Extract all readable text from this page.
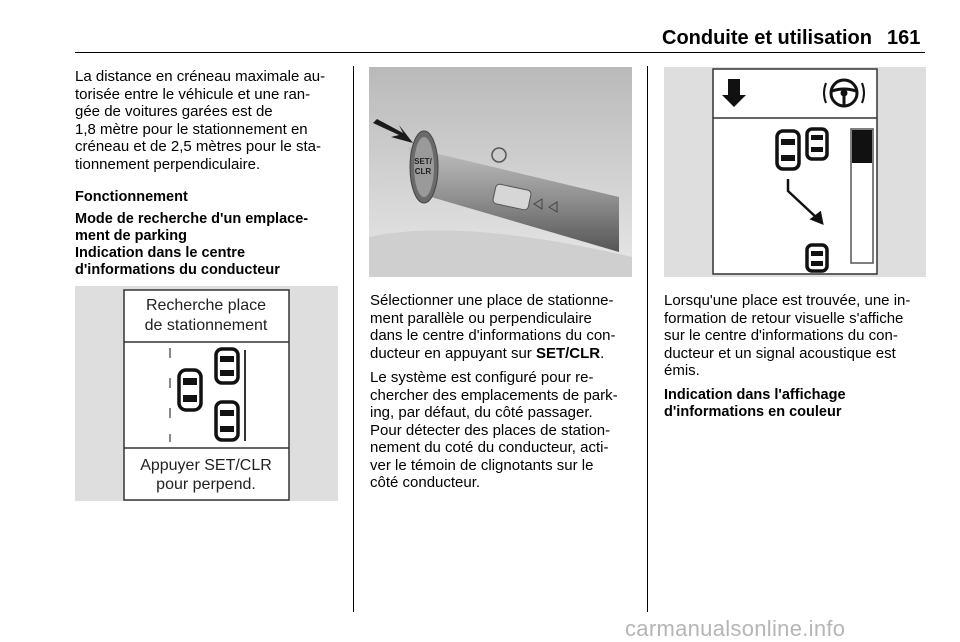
Conduite et utilisation 161

La distance en créneau maximale au-
torisée entre le véhicule et une ran-
gée de voitures garées est de
1,8 mètre pour le stationnement en
créneau et de 2,5 mètres pour le sta-
tionnement perpendiculaire.

Fonctionnement

Mode de recherche d'un emplace-
ment de parking

Indication dans le centre
d'informations du conducteur

Recherche place
de stationnement
Appuyer SET/CLR
pour perpend.
SET/
CLR

Sélectionner une place de stationne-
ment parallèle ou perpendiculaire
dans le centre d'informations du con-
ducteur en appuyant sur SET/CLR.

Le système est configuré pour re-
chercher des emplacements de park-
ing, par défaut, du côté passager.
Pour détecter des places de station-
nement du coté du conducteur, acti-
ver le témoin de clignotants sur le
côté conducteur.

Lorsqu'une place est trouvée, une in-
formation de retour visuelle s'affiche
sur le centre d'informations du con-
ducteur et un signal acoustique est
émis.

Indication dans l'affichage
d'informations en couleur

carmanualsonline.info
